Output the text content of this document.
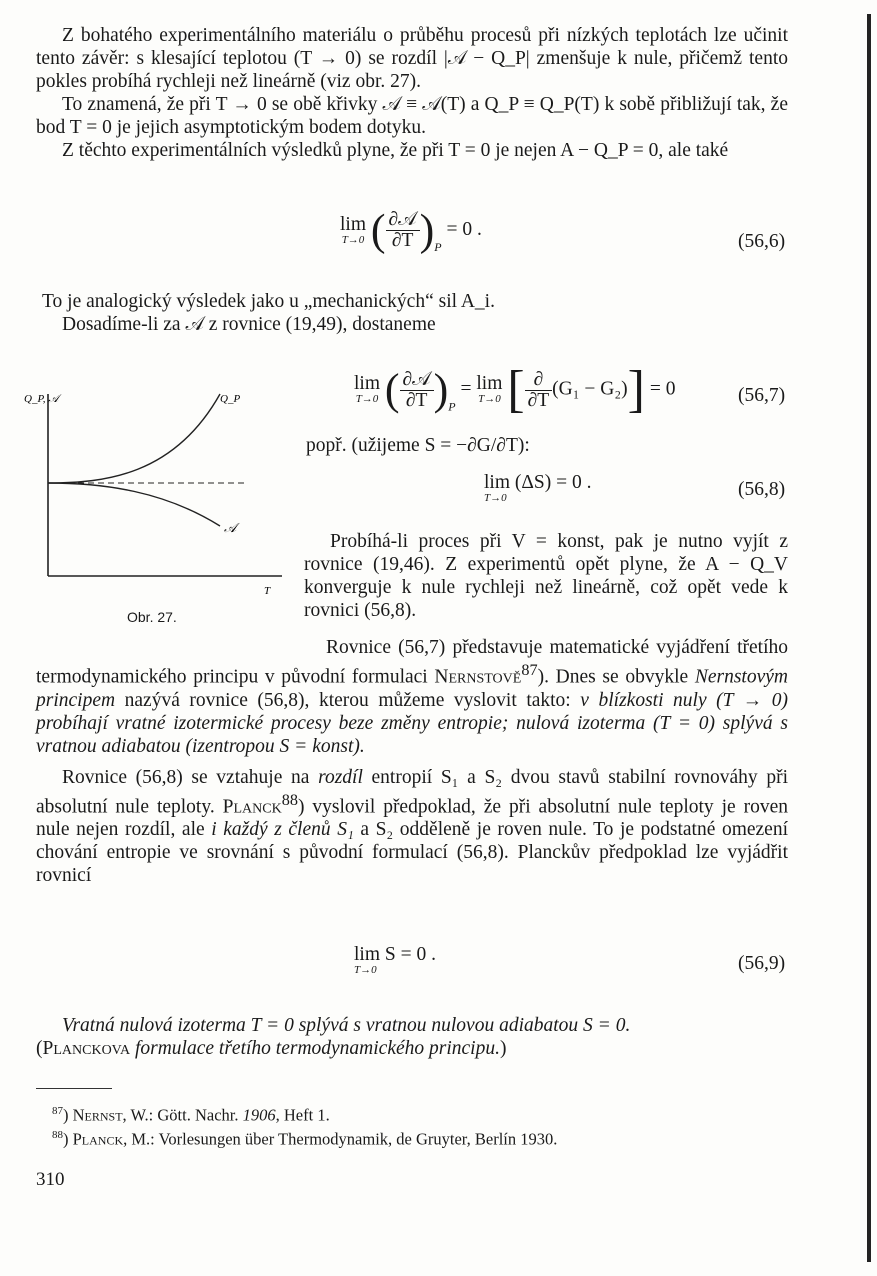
Z bohatého experimentálního materiálu o průběhu procesů při nízkých teplotách lze učinit tento závěr: s klesající teplotou (T → 0) se rozdíl |𝒜 − Q_P| zmenšuje k nule, přičemž tento pokles probíhá rychleji než lineárně (viz obr. 27).

To znamená, že při T → 0 se obě křivky 𝒜 ≡ 𝒜(T) a Q_P ≡ Q_P(T) k sobě přibližují tak, že bod T = 0 je jejich asymptotickým bodem dotyku.

Z těchto experimentálních výsledků plyne, že při T = 0 je nejen A − Q_P = 0, ale také

lim
T→0 ( $\frac{\text{∂𝒜}}{\partial T} )_P = 0$ .
(56,6)

To je analogický výsledek jako u „mechanických“ sil A_i.

Dosadíme-li za 𝒜 z rovnice (19,49), dostaneme

Q_P, 𝒜	Q_P
𝒜
T
Obr. 27.
lim
T→0 ( $\frac{\text{∂𝒜}}{\partial T} )_P = \lim$
T→0 [ $\frac{\partial}{\partial T} (G_1 - G_2)] = 0$	(56,7)
popř. (užijeme S = −∂G/∂T):
lim (ΔS) = 0 .
T→0	(56,8)

Probíhá-li proces při V = konst, pak je nutno vyjít z rovnice (19,46). Z experimentů opět plyne, že A − Q_V konverguje k nule rychleji než lineárně, což opět vede k rovnici (56,8).

Rovnice (56,7) představuje matematické vyjádření třetího termodynamického principu v původní formulaci Nernstově$^{87}$). Dnes se obvykle Nernstovým principem nazývá rovnice (56,8), kterou můžeme vyslovit takto: v blízkosti nuly (T → 0) probíhají vratné izotermické procesy beze změny entropie; nulová izoterma (T = 0) splývá s vratnou adiabatou (izentropou S = konst).

Rovnice (56,8) se vztahuje na rozdíl entropií S₁ a S₂ dvou stavů stabilní rovnováhy při absolutní nule teploty. Planck$^{88}$) vyslovil předpoklad, že při absolutní nule teploty je roven nule nejen rozdíl, ale i každý z členů S₁ a S₂ odděleně je roven nule. To je podstatné omezení chování entropie ve srovnání s původní formulací (56,8). Planckův předpoklad lze vyjádřit rovnicí

lim S = 0 .
T→0	(56,9)

Vratná nulová izoterma T = 0 splývá s vratnou nulovou adiabatou S = 0.

(Planckova formulace třetího termodynamického principu.)

$^{87}$) Nernst, W.: Gött. Nachr. 1906, Heft 1.
$^{88}$) Planck, M.: Vorlesungen über Thermodynamik, de Gruyter, Berlín 1930.
310
